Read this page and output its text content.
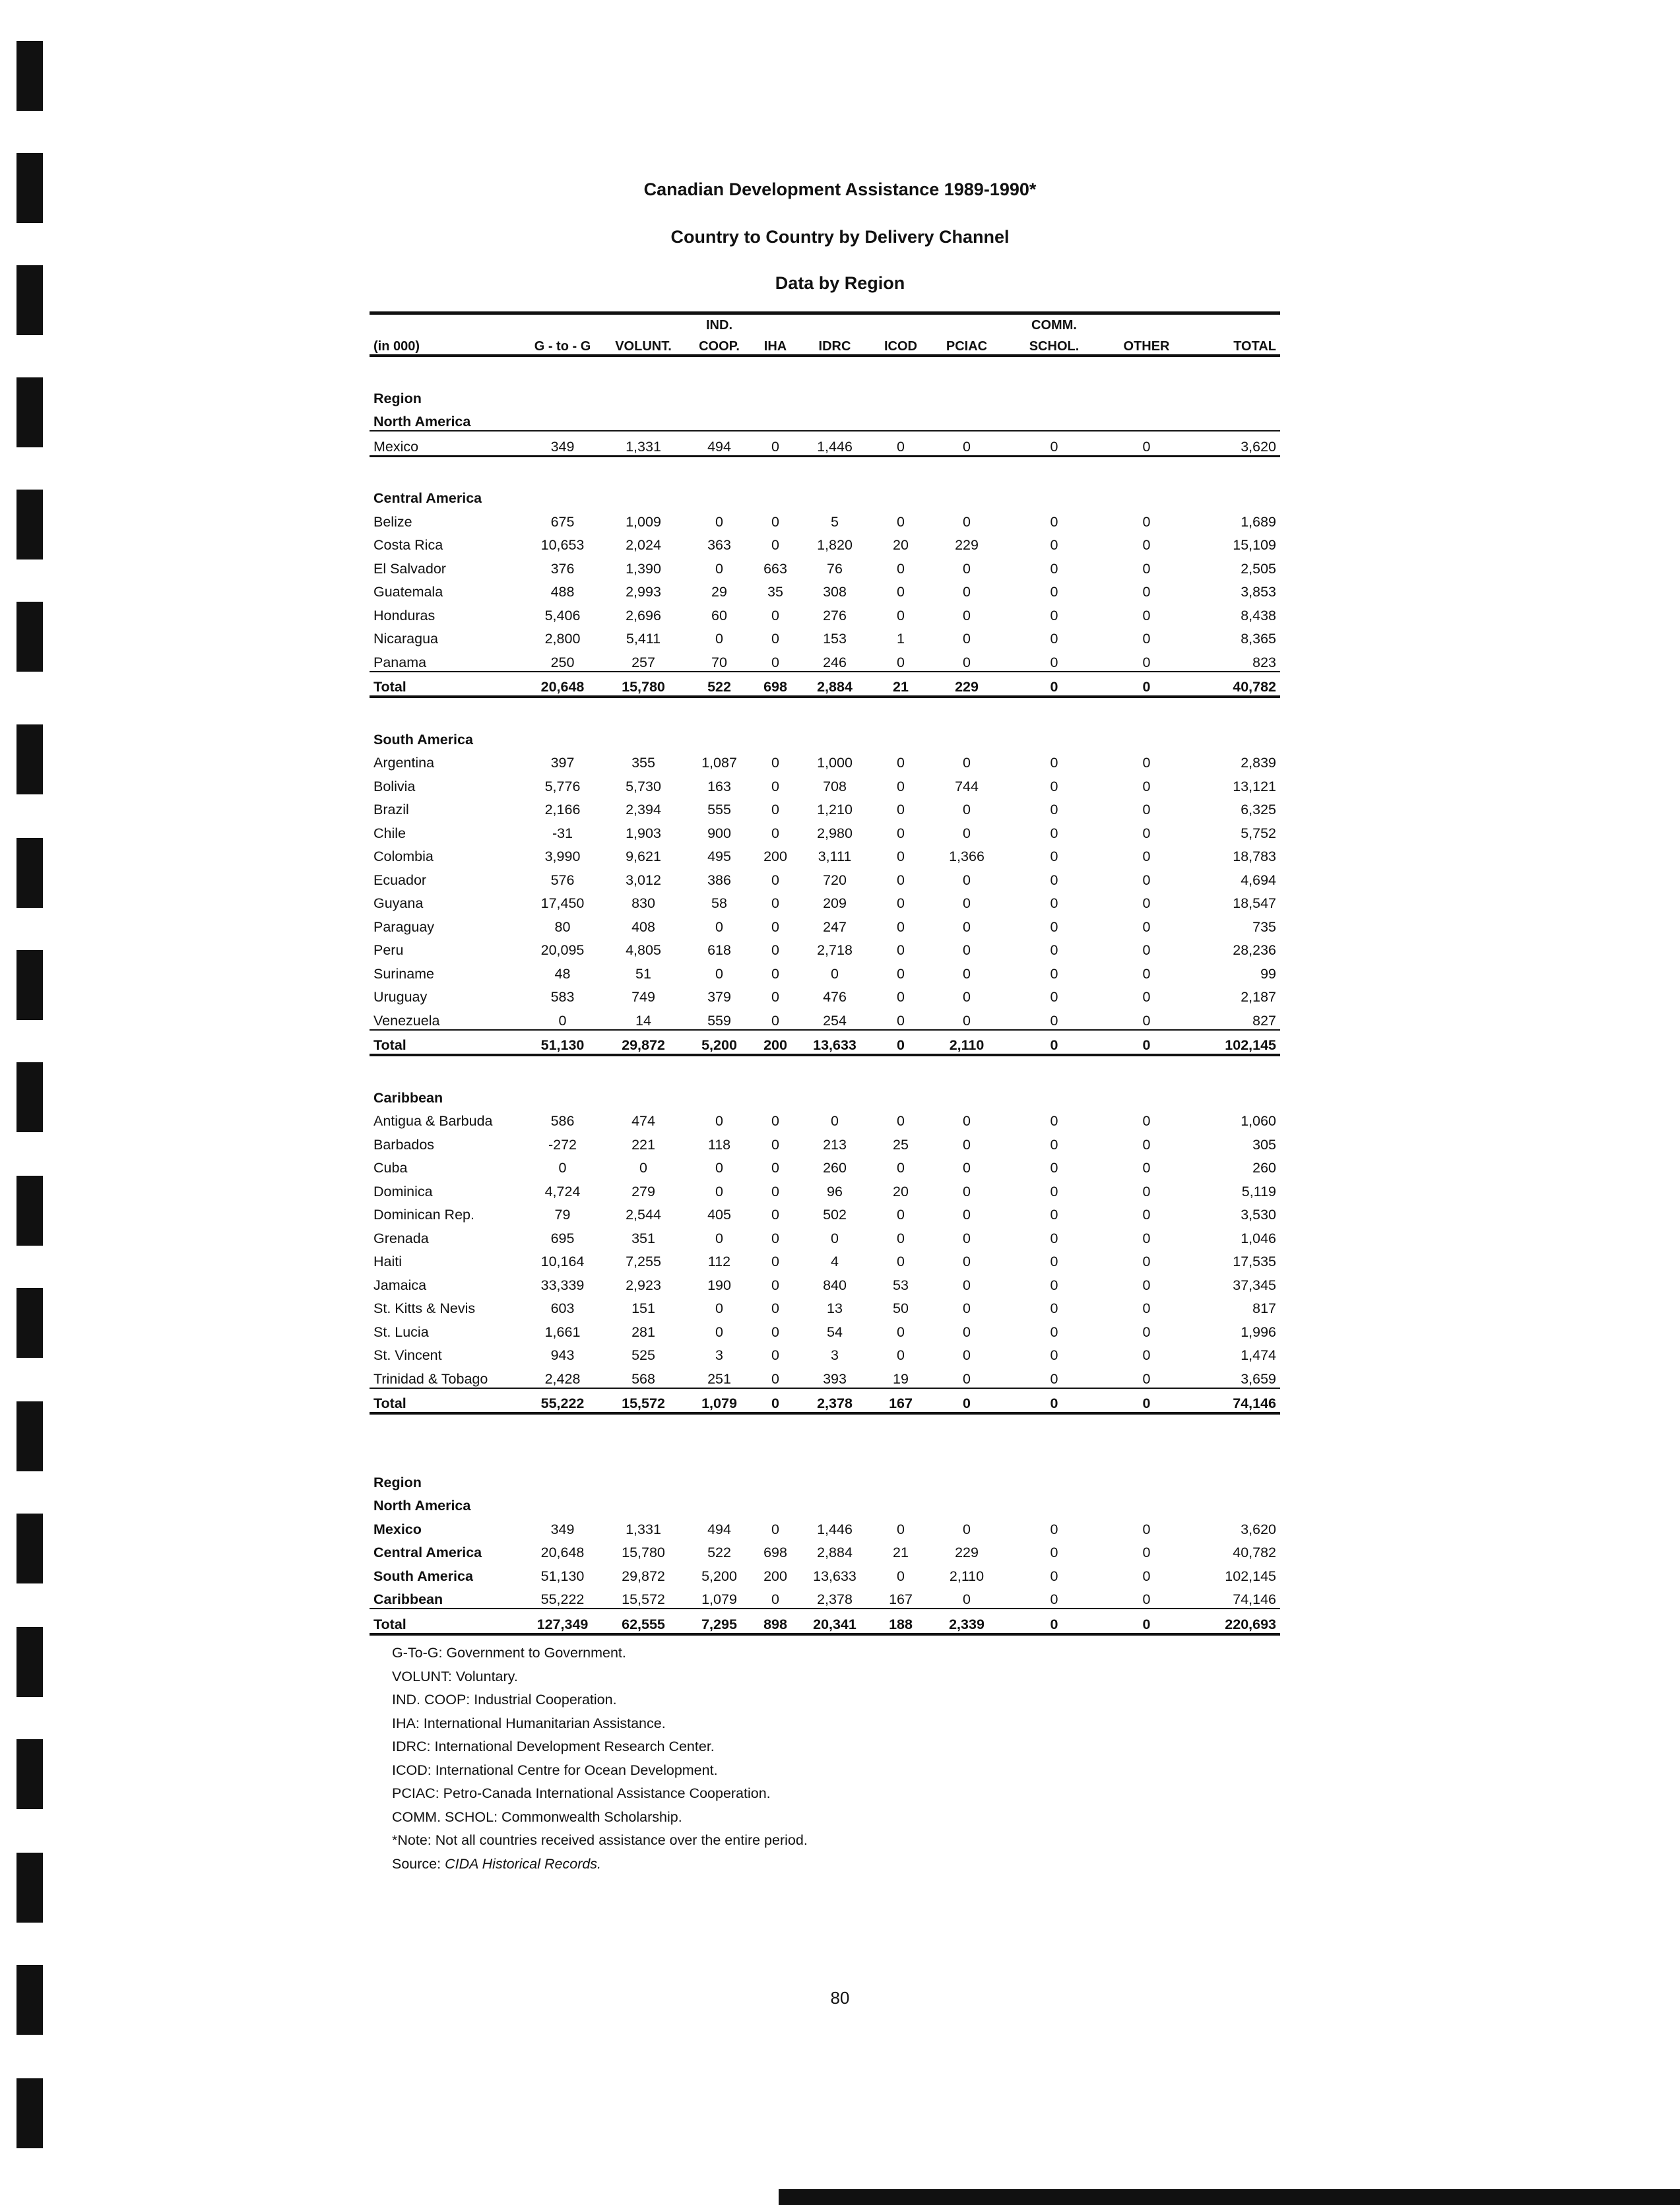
Canadian Development Assistance 1989-1990*
Country to Country by Delivery Channel
Data by Region
			IND.					COMM.		
(in 000)	G - to - G	VOLUNT.	COOP.	IHA	IDRC	ICOD	PCIAC	SCHOL.	OTHER	TOTAL

Region										
North America										
Mexico	349	1,331	494	0	1,446	0	0	0	0	3,620

Central America										
Belize	675	1,009	0	0	5	0	0	0	0	1,689
Costa Rica	10,653	2,024	363	0	1,820	20	229	0	0	15,109
El Salvador	376	1,390	0	663	76	0	0	0	0	2,505
Guatemala	488	2,993	29	35	308	0	0	0	0	3,853
Honduras	5,406	2,696	60	0	276	0	0	0	0	8,438
Nicaragua	2,800	5,411	0	0	153	1	0	0	0	8,365
Panama	250	257	70	0	246	0	0	0	0	823
Total	20,648	15,780	522	698	2,884	21	229	0	0	40,782

South America										
Argentina	397	355	1,087	0	1,000	0	0	0	0	2,839
Bolivia	5,776	5,730	163	0	708	0	744	0	0	13,121
Brazil	2,166	2,394	555	0	1,210	0	0	0	0	6,325
Chile	-31	1,903	900	0	2,980	0	0	0	0	5,752
Colombia	3,990	9,621	495	200	3,111	0	1,366	0	0	18,783
Ecuador	576	3,012	386	0	720	0	0	0	0	4,694
Guyana	17,450	830	58	0	209	0	0	0	0	18,547
Paraguay	80	408	0	0	247	0	0	0	0	735
Peru	20,095	4,805	618	0	2,718	0	0	0	0	28,236
Suriname	48	51	0	0	0	0	0	0	0	99
Uruguay	583	749	379	0	476	0	0	0	0	2,187
Venezuela	0	14	559	0	254	0	0	0	0	827
Total	51,130	29,872	5,200	200	13,633	0	2,110	0	0	102,145

Caribbean										
Antigua & Barbuda	586	474	0	0	0	0	0	0	0	1,060
Barbados	-272	221	118	0	213	25	0	0	0	305
Cuba	0	0	0	0	260	0	0	0	0	260
Dominica	4,724	279	0	0	96	20	0	0	0	5,119
Dominican Rep.	79	2,544	405	0	502	0	0	0	0	3,530
Grenada	695	351	0	0	0	0	0	0	0	1,046
Haiti	10,164	7,255	112	0	4	0	0	0	0	17,535
Jamaica	33,339	2,923	190	0	840	53	0	0	0	37,345
St. Kitts & Nevis	603	151	0	0	13	50	0	0	0	817
St. Lucia	1,661	281	0	0	54	0	0	0	0	1,996
St. Vincent	943	525	3	0	3	0	0	0	0	1,474
Trinidad & Tobago	2,428	568	251	0	393	19	0	0	0	3,659
Total	55,222	15,572	1,079	0	2,378	167	0	0	0	74,146

Region										
North America										
Mexico	349	1,331	494	0	1,446	0	0	0	0	3,620
Central America	20,648	15,780	522	698	2,884	21	229	0	0	40,782
South America	51,130	29,872	5,200	200	13,633	0	2,110	0	0	102,145
Caribbean	55,222	15,572	1,079	0	2,378	167	0	0	0	74,146
Total	127,349	62,555	7,295	898	20,341	188	2,339	0	0	220,693
G-To-G: Government to Government.
VOLUNT: Voluntary.
IND. COOP: Industrial Cooperation.
IHA: International Humanitarian Assistance.
IDRC: International Development Research Center.
ICOD: International Centre for Ocean Development.
PCIAC: Petro-Canada International Assistance Cooperation.
COMM. SCHOL: Commonwealth Scholarship.
*Note: Not all countries received assistance over the entire period.
Source: CIDA Historical Records.
80
